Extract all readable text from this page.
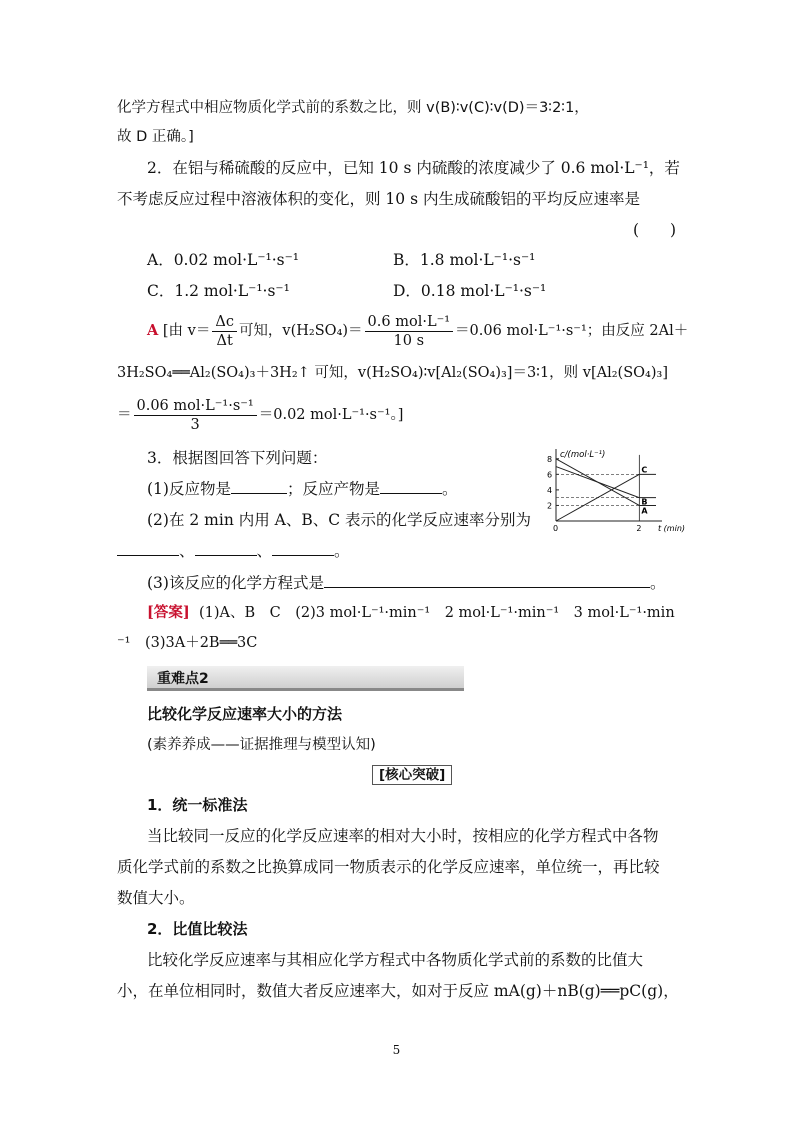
化学方程式中相应物质化学式前的系数之比，则 v(B)∶v(C)∶v(D)＝3∶2∶1，
故 D 正确。]
2．在铝与稀硫酸的反应中，已知 10 s 内硫酸的浓度减少了 0.6 mol·L⁻¹，若
不考虑反应过程中溶液体积的变化，则 10 s 内生成硫酸铝的平均反应速率是
(　　)
A．0.02 mol·L⁻¹·s⁻¹	B．1.8 mol·L⁻¹·s⁻¹
C．1.2 mol·L⁻¹·s⁻¹	D．0.18 mol·L⁻¹·s⁻¹
A [由 $v= \frac{\Delta c}{\Delta t}$ 可知，$v(H_2SO_4)= \frac{\text{0.6 mol·L⁻¹}}{10 s} =0.06$ mol·L⁻¹·s⁻¹；由反应 2Al＋
3H₂SO₄══Al₂(SO₄)₃＋3H₂↑ 可知，v(H₂SO₄)∶v[Al₂(SO₄)₃]＝3∶1，则 v[Al₂(SO₄)₃]
＝ $\frac{\text{0.06 mol·L⁻¹·s⁻¹}}{3} =0.02$ mol·L⁻¹·s⁻¹。]
3．根据图回答下列问题：
(1)反应物是	；反应产物是	。
(2)在 2 min 内用 A、B、C 表示的化学反应速率分别为
、	、	。
(3)该反应的化学方程式是	。
[答案] (1)A、B　C　(2)3 mol·L⁻¹·min⁻¹　2 mol·L⁻¹·min⁻¹　3 mol·L⁻¹·min
⁻¹　(3)3A＋2B══3C
c/(mol·L⁻¹)
t (min)
2
4
6
8
0	2
A
B
C
重难点2
比较化学反应速率大小的方法
(素养养成——证据推理与模型认知)
[核心突破]
1．统一标准法
当比较同一反应的化学反应速率的相对大小时，按相应的化学方程式中各物
质化学式前的系数之比换算成同一物质表示的化学反应速率，单位统一，再比较
数值大小。
2．比值比较法
比较化学反应速率与其相应化学方程式中各物质化学式前的系数的比值大
小，在单位相同时，数值大者反应速率大，如对于反应 mA(g)＋nB(g)══pC(g)，
5
